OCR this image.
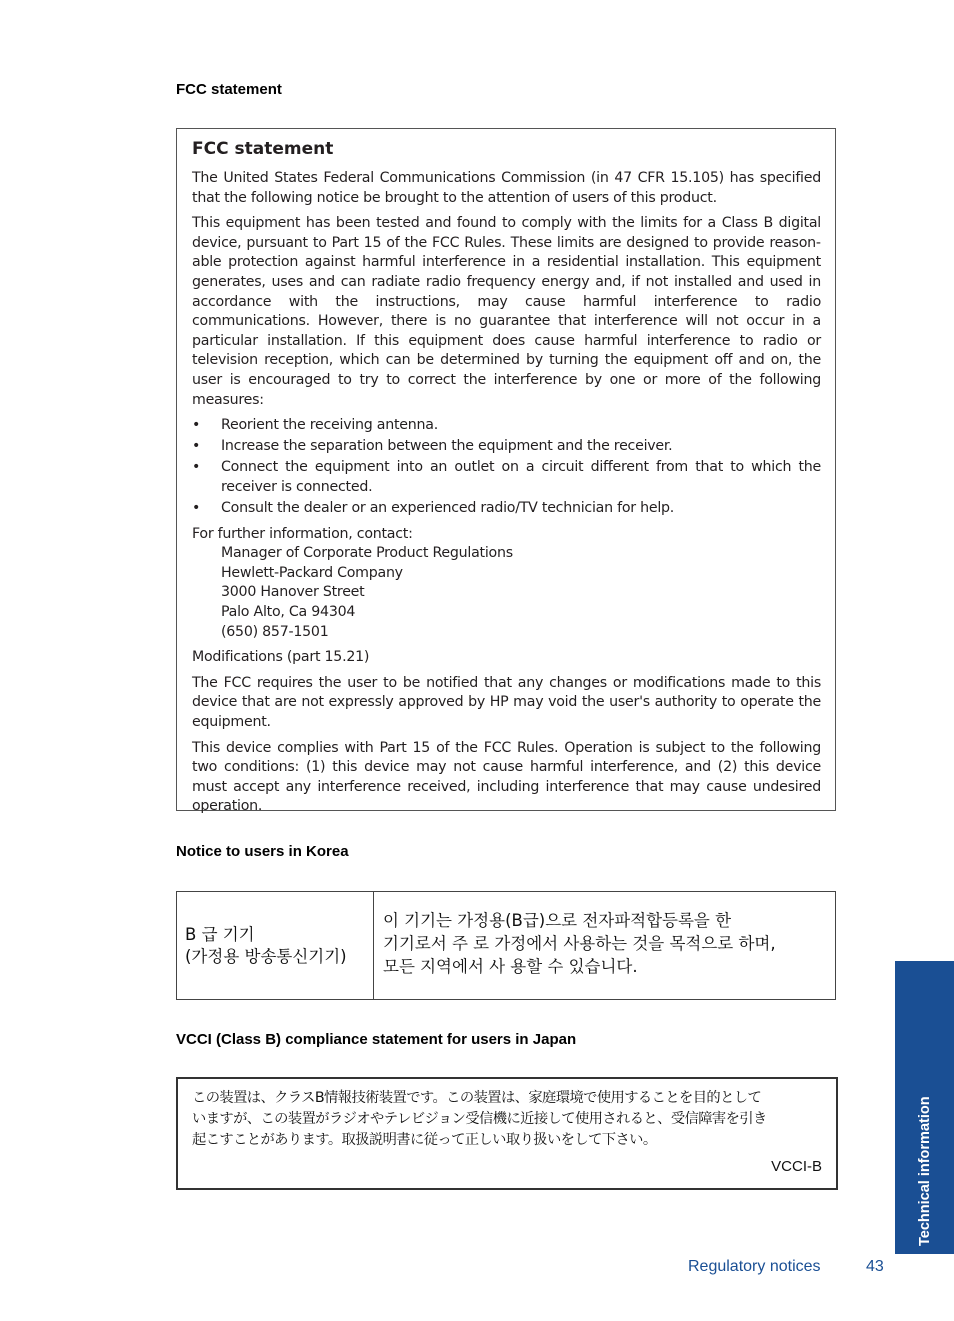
FCC statement
FCC statement

The United States Federal Communications Commission (in 47 CFR 15.105) has specified that the following notice be brought to the attention of users of this product.

This equipment has been tested and found to comply with the limits for a Class B digital device, pursuant to Part 15 of the FCC Rules. These limits are designed to provide reasonable protection against harmful interference in a residential installation. This equipment generates, uses and can radiate radio frequency energy and, if not installed and used in accordance with the instructions, may cause harmful interference to radio communications. However, there is no guarantee that interference will not occur in a particular installation. If this equipment does cause harmful interference to radio or television reception, which can be determined by turning the equipment off and on, the user is encouraged to try to correct the interference by one or more of the following measures:

• Reorient the receiving antenna.
• Increase the separation between the equipment and the receiver.
• Connect the equipment into an outlet on a circuit different from that to which the receiver is connected.
• Consult the dealer or an experienced radio/TV technician for help.

For further information, contact:

Manager of Corporate Product Regulations
Hewlett-Packard Company
3000 Hanover Street
Palo Alto, Ca 94304
(650) 857-1501

Modifications (part 15.21)

The FCC requires the user to be notified that any changes or modifications made to this device that are not expressly approved by HP may void the user's authority to operate the equipment.

This device complies with Part 15 of the FCC Rules. Operation is subject to the following two conditions: (1) this device may not cause harmful interference, and (2) this device must accept any interference received, including interference that may cause undesired operation.

Notice to users in Korea
B 급 기기
(가정용 방송통신기기)
이 기기는 가정용(B급)으로 전자파적합등록을 한
기기로서 주 로 가정에서 사용하는 것을 목적으로 하며,
모든 지역에서 사 용할 수 있습니다.
VCCI (Class B) compliance statement for users in Japan
この装置は、クラスB情報技術装置です。この装置は、家庭環境で使用することを目的として
いますが、この装置がラジオやテレビジョン受信機に近接して使用されると、受信障害を引き
起こすことがあります。取扱説明書に従って正しい取り扱いをして下さい。
VCCI-B	Technical information
Regulatory notices	43
